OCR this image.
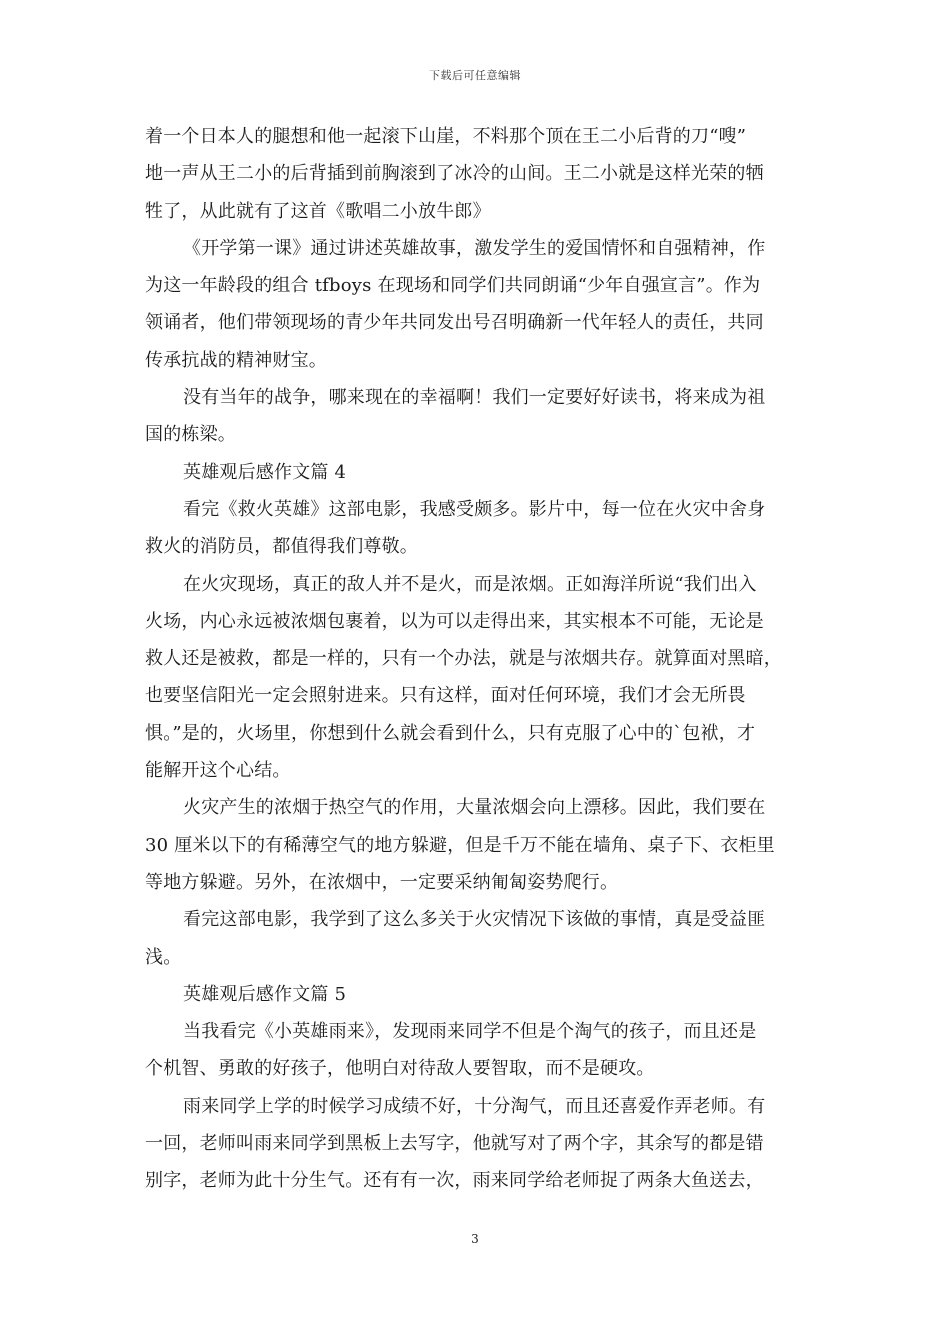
下载后可任意编辑
着一个日本人的腿想和他一起滚下山崖，不料那个顶在王二小后背的刀“嗖”
地一声从王二小的后背插到前胸滚到了冰冷的山间。王二小就是这样光荣的牺
牲了，从此就有了这首《歌唱二小放牛郎》
《开学第一课》通过讲述英雄故事，激发学生的爱国情怀和自强精神，作
为这一年龄段的组合 tfboys 在现场和同学们共同朗诵“少年自强宣言”。作为
领诵者，他们带领现场的青少年共同发出号召明确新一代年轻人的责任，共同
传承抗战的精神财宝。
没有当年的战争，哪来现在的幸福啊！我们一定要好好读书，将来成为祖
国的栋梁。
英雄观后感作文篇 4
看完《救火英雄》这部电影，我感受颇多。影片中，每一位在火灾中舍身
救火的消防员，都值得我们尊敬。
在火灾现场，真正的敌人并不是火，而是浓烟。正如海洋所说“我们出入
火场，内心永远被浓烟包裹着，以为可以走得出来，其实根本不可能，无论是
救人还是被救，都是一样的，只有一个办法，就是与浓烟共存。就算面对黑暗，
也要坚信阳光一定会照射进来。只有这样，面对任何环境，我们才会无所畏
惧。”是的，火场里，你想到什么就会看到什么，只有克服了心中的`包袱，才
能解开这个心结。
火灾产生的浓烟于热空气的作用，大量浓烟会向上漂移。因此，我们要在
30 厘米以下的有稀薄空气的地方躲避，但是千万不能在墙角、桌子下、衣柜里
等地方躲避。另外，在浓烟中，一定要采纳匍匐姿势爬行。
看完这部电影，我学到了这么多关于火灾情况下该做的事情，真是受益匪
浅。
英雄观后感作文篇 5
当我看完《小英雄雨来》，发现雨来同学不但是个淘气的孩子，而且还是
个机智、勇敢的好孩子，他明白对待敌人要智取，而不是硬攻。
雨来同学上学的时候学习成绩不好，十分淘气，而且还喜爱作弄老师。有
一回，老师叫雨来同学到黑板上去写字，他就写对了两个字，其余写的都是错
别字，老师为此十分生气。还有有一次，雨来同学给老师捉了两条大鱼送去，
3
